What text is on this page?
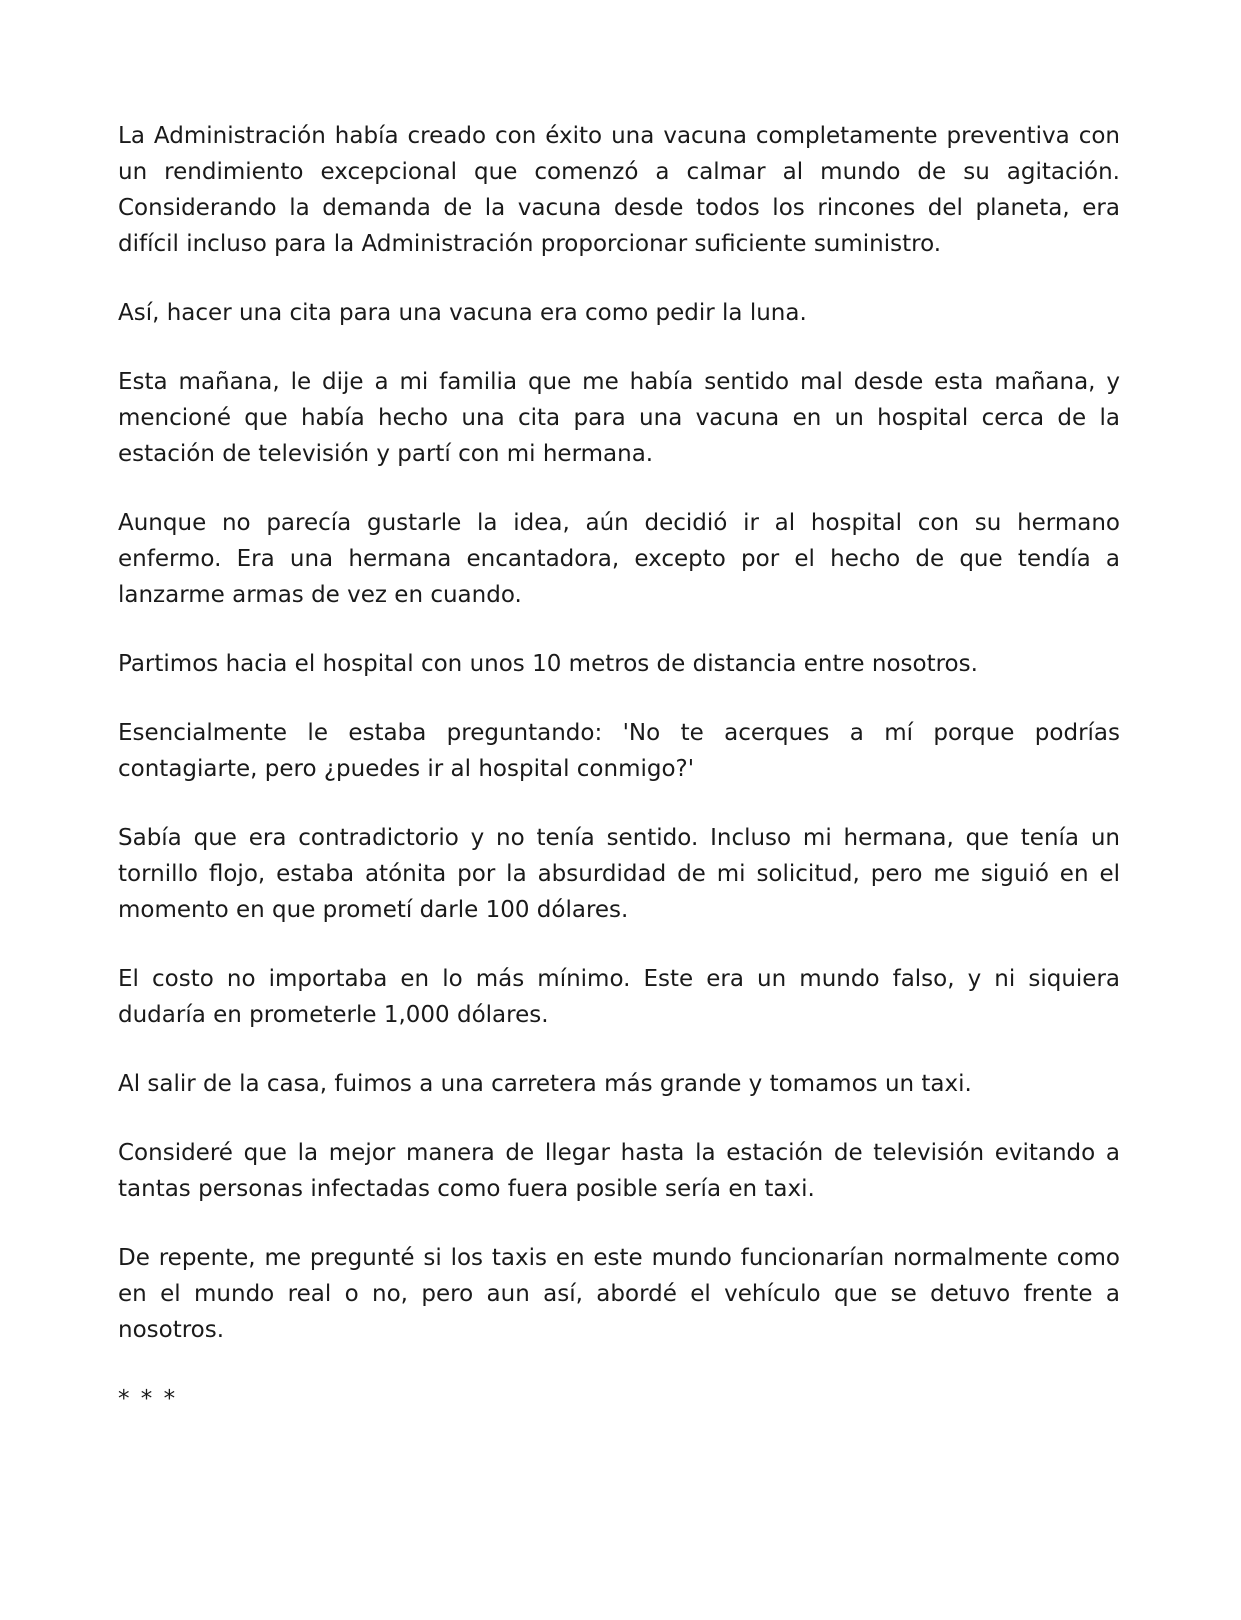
La Administración había creado con éxito una vacuna completamente preventiva con un rendimiento excepcional que comenzó a calmar al mundo de su agitación. Considerando la demanda de la vacuna desde todos los rincones del planeta, era difícil incluso para la Administración proporcionar suficiente suministro.

Así, hacer una cita para una vacuna era como pedir la luna.

Esta mañana, le dije a mi familia que me había sentido mal desde esta mañana, y mencioné que había hecho una cita para una vacuna en un hospital cerca de la estación de televisión y partí con mi hermana.

Aunque no parecía gustarle la idea, aún decidió ir al hospital con su hermano enfermo. Era una hermana encantadora, excepto por el hecho de que tendía a lanzarme armas de vez en cuando.

Partimos hacia el hospital con unos 10 metros de distancia entre nosotros.

Esencialmente le estaba preguntando: 'No te acerques a mí porque podrías contagiarte, pero ¿puedes ir al hospital conmigo?'

Sabía que era contradictorio y no tenía sentido. Incluso mi hermana, que tenía un tornillo flojo, estaba atónita por la absurdidad de mi solicitud, pero me siguió en el momento en que prometí darle 100 dólares.

El costo no importaba en lo más mínimo. Este era un mundo falso, y ni siquiera dudaría en prometerle 1,000 dólares.

Al salir de la casa, fuimos a una carretera más grande y tomamos un taxi.

Consideré que la mejor manera de llegar hasta la estación de televisión evitando a tantas personas infectadas como fuera posible sería en taxi.

De repente, me pregunté si los taxis en este mundo funcionarían normalmente como en el mundo real o no, pero aun así, abordé el vehículo que se detuvo frente a nosotros.

* * *
